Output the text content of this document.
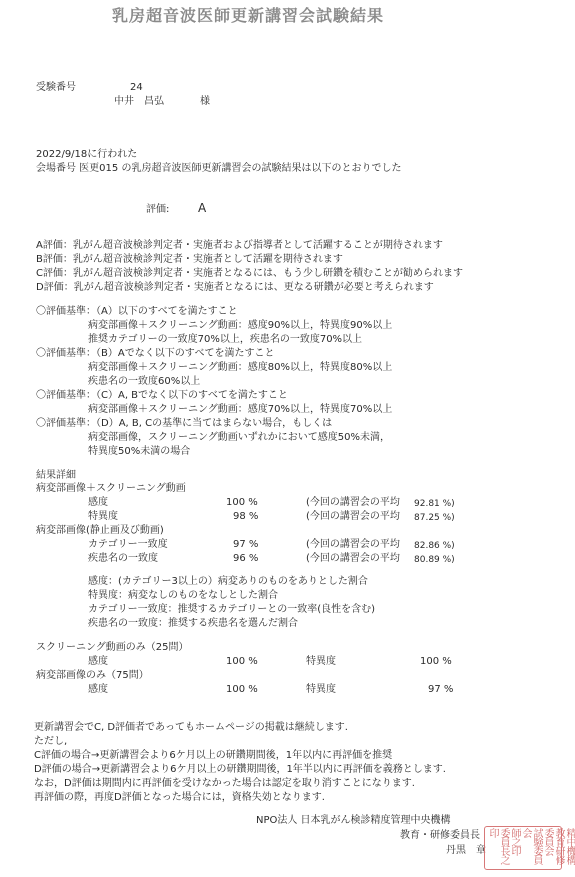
乳房超音波医師更新講習会試験結果
受験番号	24
中井　昌弘	様
2022/9/18に行われた
会場番号 医更015 の乳房超音波医師更新講習会の試験結果は以下のとおりでした
評価: A
A評価：乳がん超音波検診判定者・実施者および指導者として活躍することが期待されます
B評価：乳がん超音波検診判定者・実施者として活躍を期待されます
C評価：乳がん超音波検診判定者・実施者となるには、もう少し研鑽を積むことが勧められます
D評価：乳がん超音波検診判定者・実施者となるには、更なる研鑽が必要と考えられます
〇評価基準：（A）以下のすべてを満たすこと
病変部画像＋スクリーニング動画：感度90%以上，特異度90%以上
推奨カテゴリーの一致度70%以上，疾患名の一致度70%以上
〇評価基準：（B）Aでなく以下のすべてを満たすこと
病変部画像＋スクリーニング動画：感度80%以上，特異度80%以上
疾患名の一致度60%以上
〇評価基準：（C）A, Bでなく以下のすべてを満たすこと
病変部画像＋スクリーニング動画：感度70%以上，特異度70%以上
〇評価基準：（D）A, B, Cの基準に当てはまらない場合，もしくは
病変部画像，スクリーニング動画いずれかにおいて感度50%未満，
特異度50%未満の場合
結果詳細
病変部画像＋スクリーニング動画
感度	100 %	(今回の講習会の平均 92.81 %)
特異度	98 %	(今回の講習会の平均 87.25 %)
病変部画像(静止画及び動画)
カテゴリー一致度	97 %	(今回の講習会の平均 82.86 %)
疾患名の一致度	96 %	(今回の講習会の平均 80.89 %)
感度：(カテゴリー3以上の）病変ありのものをありとした割合
特異度：病変なしのものをなしとした割合
カテゴリー一致度：推奨するカテゴリーとの一致率(良性を含む)
疾患名の一致度：推奨する疾患名を選んだ割合
スクリーニング動画のみ（25問）
感度	100 %	特異度	100 %
病変部画像のみ（75問）
感度	100 %	特異度	97 %
更新講習会でC, D評価者であってもホームページの掲載は継続します.
ただし,
C評価の場合→更新講習会より6ケ月以上の研鑽期間後，1年以内に再評価を推奨
D評価の場合→更新講習会より6ケ月以上の研鑽期間後，1年半以内に再評価を義務とします.
なお，D評価は期間内に再評価を受けなかった場合は認定を取り消すことになります.
再評価の際，再度D評価となった場合には，資格失効となります.
NPO法人 日本乳がん検診精度管理中央機構
教育・研修委員長
丹黒　章	精中機構
教育研修委員会
試験委員会
師之印
委員長之印
